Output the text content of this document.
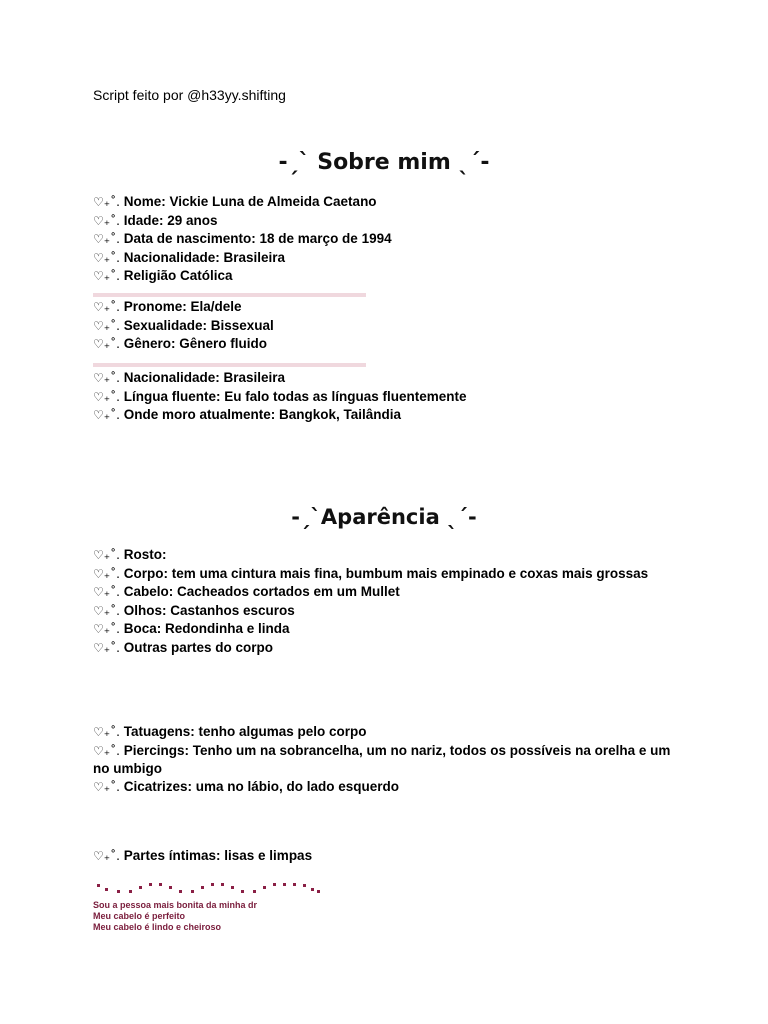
Script feito por @h33yy.shifting
-ˏˋ Sobre mim ˎˊ-
♡₊˚. Nome: Vickie Luna de Almeida Caetano
♡₊˚. Idade: 29 anos
♡₊˚. Data de nascimento: 18 de março de 1994
♡₊˚. Nacionalidade: Brasileira
♡₊˚. Religião Católica
♡₊˚. Pronome: Ela/dele
♡₊˚. Sexualidade: Bissexual
♡₊˚. Gênero: Gênero fluido
♡₊˚. Nacionalidade: Brasileira
♡₊˚. Língua fluente: Eu falo todas as línguas fluentemente
♡₊˚. Onde moro atualmente: Bangkok, Tailândia
-ˏˋAparência ˎˊ-
♡₊˚. Rosto:
♡₊˚. Corpo: tem uma cintura mais fina, bumbum mais empinado e coxas mais grossas
♡₊˚. Cabelo: Cacheados cortados em um Mullet
♡₊˚. Olhos: Castanhos escuros
♡₊˚. Boca: Redondinha e linda
♡₊˚. Outras partes do corpo
♡₊˚. Tatuagens: tenho algumas pelo corpo
♡₊˚. Piercings: Tenho um na sobrancelha, um no nariz, todos os possíveis na orelha e um no umbigo
♡₊˚. Cicatrizes: uma no lábio, do lado esquerdo
♡₊˚. Partes íntimas: lisas e limpas
Sou a pessoa mais bonita da minha dr
Meu cabelo é perfeito
Meu cabelo é lindo e cheiroso
